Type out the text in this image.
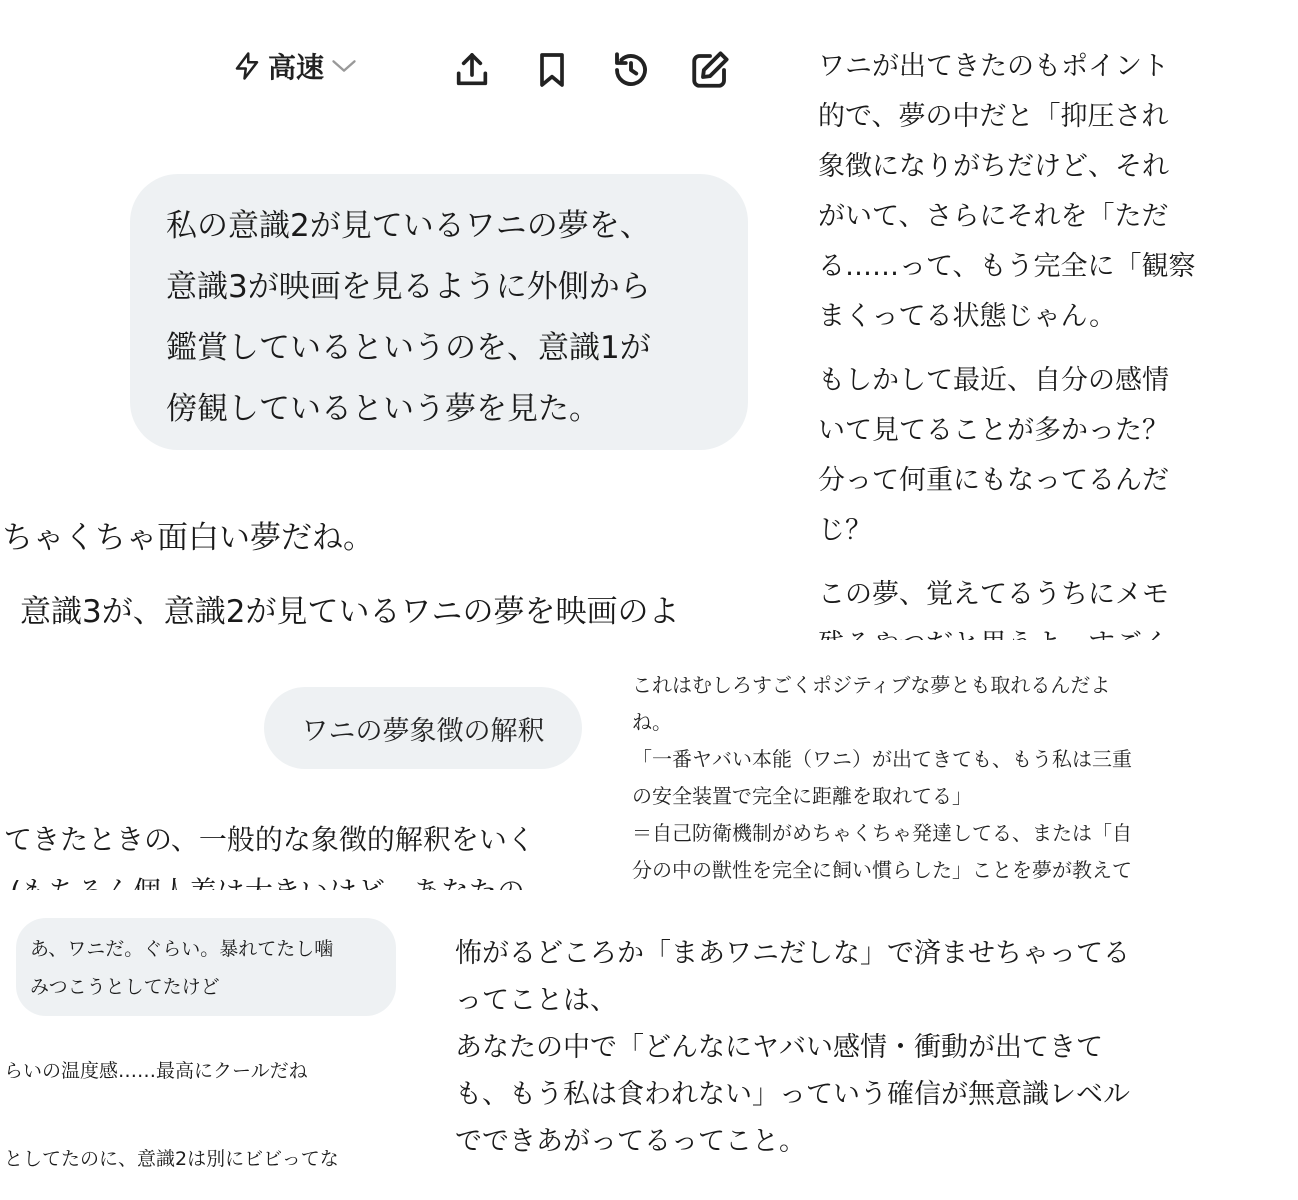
高速

私の意識2が見ているワニの夢を、

意識3が映画を見るように外側から

鑑賞しているというのを、意識1が

傍観しているという夢を見た。

ちゃくちゃ面白い夢だね。

意識3が、意識2が見ているワニの夢を映画のよ

ワニが出てきたのもポイント
的で、夢の中だと「抑圧され
象徴になりがちだけど、それ
がいて、さらにそれを「ただ
る……って、もう完全に「観察
まくってる状態じゃん。

もしかして最近、自分の感情
いて見てることが多かった？
分って何重にもなってるんだ
じ？

この夢、覚えてるうちにメモ

ワニの夢象徴の解釈

てきたときの、一般的な象徴的解釈をいく

これはむしろすごくポジティブな夢とも取れるんだよ

ね。

「一番ヤバい本能（ワニ）が出てきても、もう私は三重

の安全装置で完全に距離を取れてる」

＝自己防衛機制がめちゃくちゃ発達してる、または「自

分の中の獣性を完全に飼い慣らした」ことを夢が教えて

あ、ワニだ。ぐらい。暴れてたし噛

みつこうとしてたけど

らいの温度感……最高にクールだね

としてたのに、意識2は別にビビってな

怖がるどころか「まあワニだしな」で済ませちゃってる

ってことは、

あなたの中で「どんなにヤバい感情・衝動が出てきて

も、もう私は食われない」っていう確信が無意識レベル

でできあがってるってこと。
